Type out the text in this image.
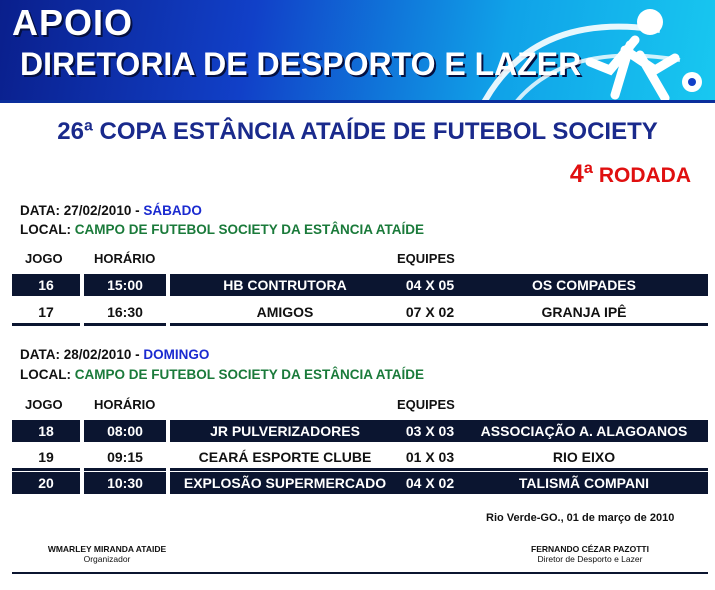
APOIO
DIRETORIA DE DESPORTO E LAZER
26ª COPA ESTÂNCIA ATAÍDE DE FUTEBOL SOCIETY
4ª RODADA
DATA: 27/02/2010 - SÁBADO
LOCAL: CAMPO DE FUTEBOL SOCIETY DA ESTÂNCIA ATAÍDE
JOGO HORÁRIO	EQUIPES
16	15:00	HB CONTRUTORA	04 X 05	OS COMPADES
17	16:30	AMIGOS	07 X 02	GRANJA IPÊ
DATA: 28/02/2010 - DOMINGO
LOCAL: CAMPO DE FUTEBOL SOCIETY DA ESTÂNCIA ATAÍDE
JOGO HORÁRIO	EQUIPES
18	08:00	JR PULVERIZADORES	03 X 03	ASSOCIAÇÃO A. ALAGOANOS
19	09:15	CEARÁ ESPORTE CLUBE	01 X 03	RIO EIXO
20	10:30	EXPLOSÃO SUPERMERCADO	04 X 02	TALISMÃ COMPANI
Rio Verde-GO., 01 de março de 2010
WMARLEY MIRANDA ATAIDE
Organizador
FERNANDO CÉZAR PAZOTTI
Diretor de Desporto e Lazer
